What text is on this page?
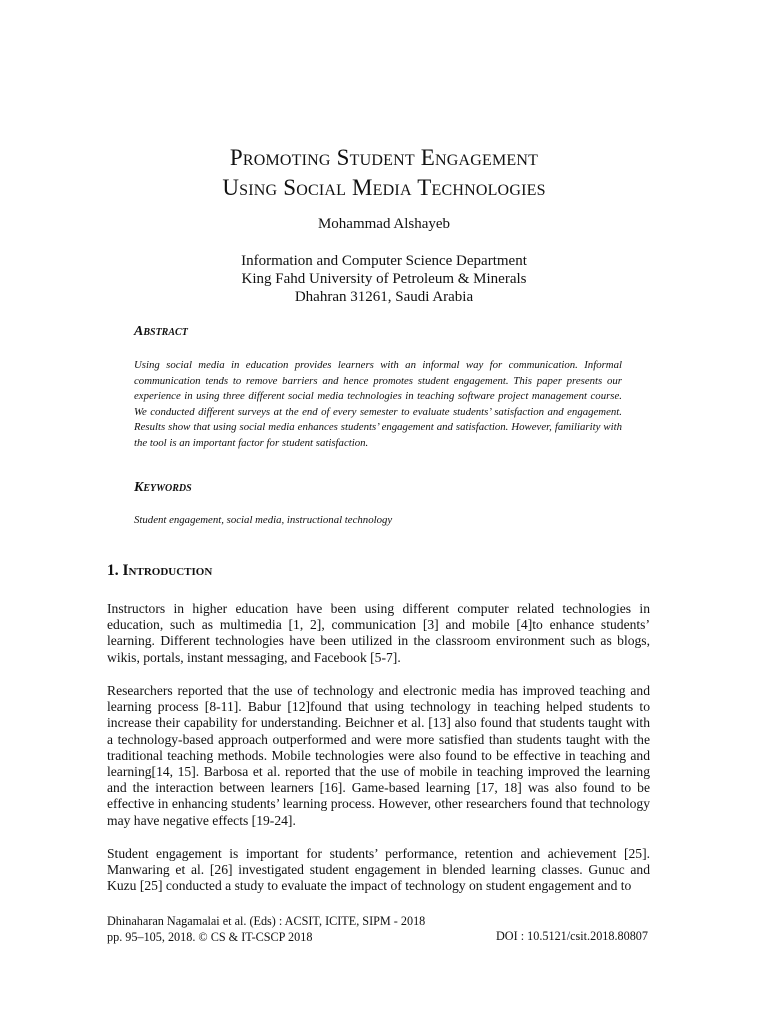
Promoting Student Engagement
Using Social Media Technologies
Mohammad Alshayeb
Information and Computer Science Department
King Fahd University of Petroleum & Minerals
Dhahran 31261, Saudi Arabia
Abstract
Using social media in education provides learners with an informal way for communication. Informal communication tends to remove barriers and hence promotes student engagement. This paper presents our experience in using three different social media technologies in teaching software project management course. We conducted different surveys at the end of every semester to evaluate students’ satisfaction and engagement. Results show that using social media enhances students’ engagement and satisfaction. However, familiarity with the tool is an important factor for student satisfaction.
Keywords
Student engagement, social media, instructional technology
1. Introduction
Instructors in higher education have been using different computer related technologies in education, such as multimedia [1, 2], communication [3] and mobile [4]to enhance students’ learning. Different technologies have been utilized in the classroom environment such as blogs, wikis, portals, instant messaging, and Facebook [5-7].
Researchers reported that the use of technology and electronic media has improved teaching and learning process [8-11]. Babur [12]found that using technology in teaching helped students to increase their capability for understanding. Beichner et al. [13] also found that students taught with a technology-based approach outperformed and were more satisfied than students taught with the traditional teaching methods. Mobile technologies were also found to be effective in teaching and learning[14, 15]. Barbosa et al. reported that the use of mobile in teaching improved the learning and the interaction between learners [16]. Game-based learning [17, 18] was also found to be effective in enhancing students’ learning process. However, other researchers found that technology may have negative effects [19-24].
Student engagement is important for students’ performance, retention and achievement [25]. Manwaring et al. [26] investigated student engagement in blended learning classes. Gunuc and Kuzu [25] conducted a study to evaluate the impact of technology on student engagement and to
Dhinaharan Nagamalai et al. (Eds) : ACSIT, ICITE, SIPM - 2018
pp. 95–105, 2018. © CS & IT-CSCP 2018	DOI : 10.5121/csit.2018.80807
